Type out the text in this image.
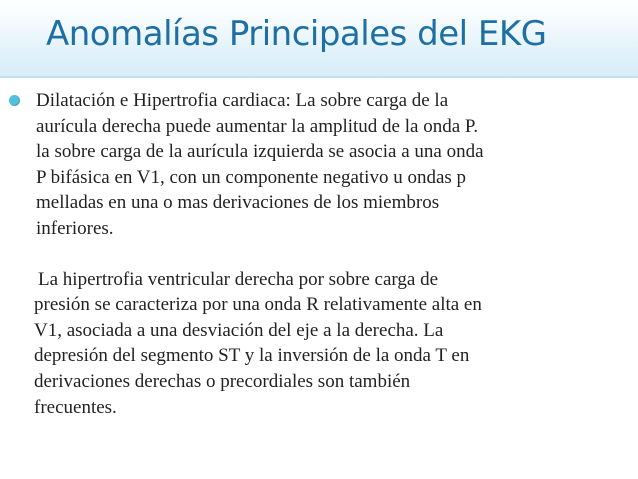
Anomalías Principales del EKG
Dilatación e Hipertrofia cardiaca: La sobre carga de la
aurícula derecha puede aumentar la amplitud de la onda P.
la sobre carga de la aurícula izquierda se asocia a una onda
P bifásica en V1, con un componente negativo u ondas p
melladas en una o mas derivaciones de los miembros
inferiores.
La hipertrofia ventricular derecha por sobre carga de
presión se caracteriza por una onda R relativamente alta en
V1, asociada a una desviación del eje a la derecha. La
depresión del segmento ST y la inversión de la onda T en
derivaciones derechas o precordiales son también
frecuentes.
